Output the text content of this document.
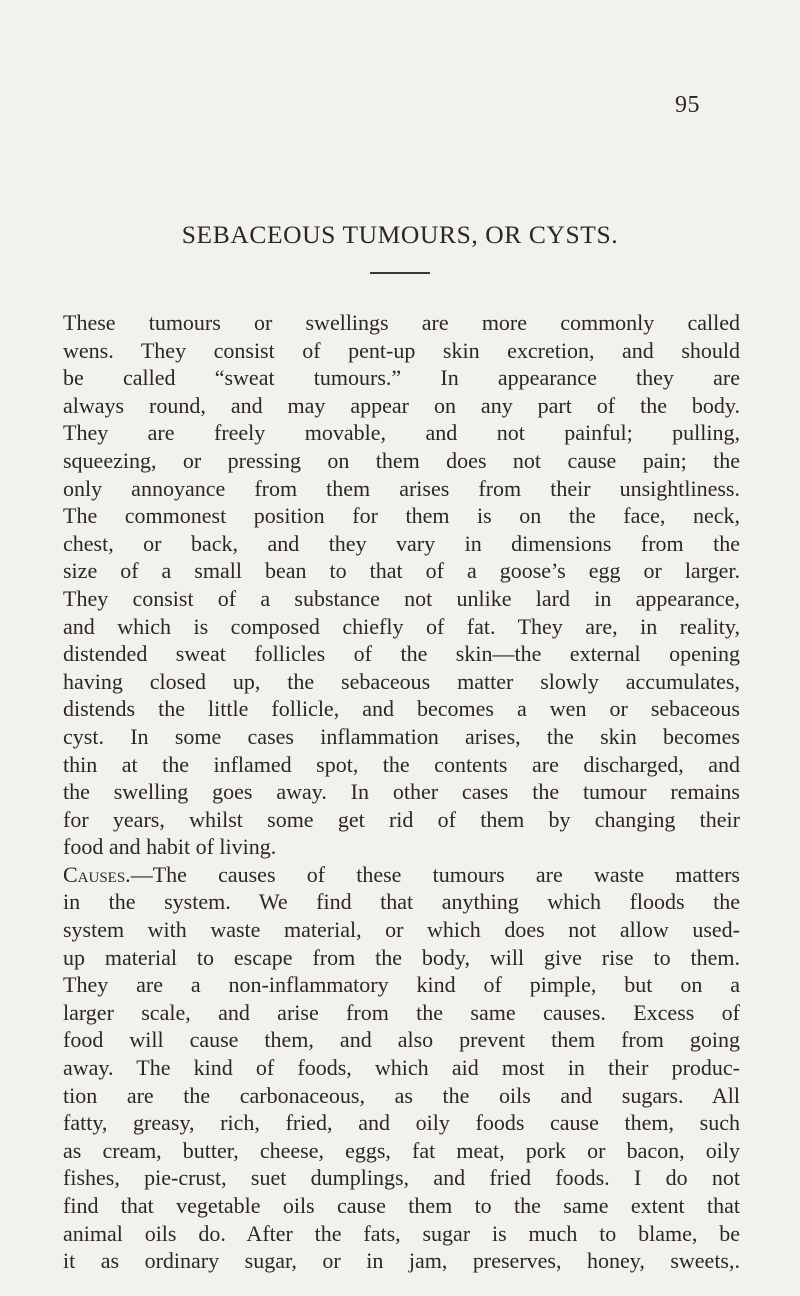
95
SEBACEOUS TUMOURS, OR CYSTS.
These tumours or swellings are more commonly called
wens. They consist of pent-up skin excretion, and should
be called “sweat tumours.” In appearance they are
always round, and may appear on any part of the body.
They are freely movable, and not painful; pulling,
squeezing, or pressing on them does not cause pain; the
only annoyance from them arises from their unsightliness.
The commonest position for them is on the face, neck,
chest, or back, and they vary in dimensions from the
size of a small bean to that of a goose’s egg or larger.
They consist of a substance not unlike lard in appearance,
and which is composed chiefly of fat. They are, in reality,
distended sweat follicles of the skin—the external opening
having closed up, the sebaceous matter slowly accumulates,
distends the little follicle, and becomes a wen or sebaceous
cyst. In some cases inflammation arises, the skin becomes
thin at the inflamed spot, the contents are discharged, and
the swelling goes away. In other cases the tumour remains
for years, whilst some get rid of them by changing their
food and habit of living.
Causes.—The causes of these tumours are waste matters
in the system. We find that anything which floods the
system with waste material, or which does not allow used-
up material to escape from the body, will give rise to them.
They are a non-inflammatory kind of pimple, but on a
larger scale, and arise from the same causes. Excess of
food will cause them, and also prevent them from going
away. The kind of foods, which aid most in their produc-
tion are the carbonaceous, as the oils and sugars. All
fatty, greasy, rich, fried, and oily foods cause them, such
as cream, butter, cheese, eggs, fat meat, pork or bacon, oily
fishes, pie-crust, suet dumplings, and fried foods. I do not
find that vegetable oils cause them to the same extent that
animal oils do. After the fats, sugar is much to blame, be
it as ordinary sugar, or in jam, preserves, honey, sweets,.
